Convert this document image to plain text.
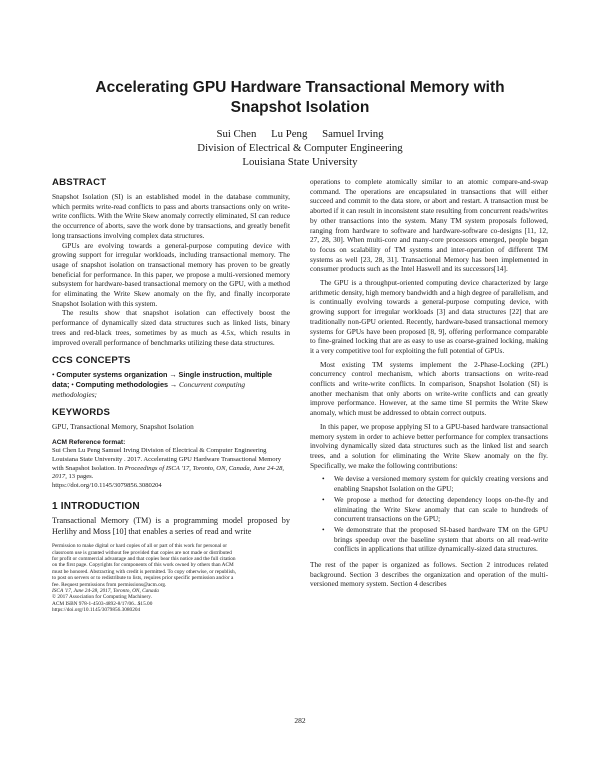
Accelerating GPU Hardware Transactional Memory with
Snapshot Isolation
Sui Chen Lu Peng Samuel Irving
Division of Electrical & Computer Engineering
Louisiana State University
ABSTRACT

Snapshot Isolation (SI) is an established model in the database community, which permits write-read conflicts to pass and aborts transactions only on write-write conflicts. With the Write Skew anomaly correctly eliminated, SI can reduce the occurrence of aborts, save the work done by transactions, and greatly benefit long transactions involving complex data structures.

GPUs are evolving towards a general-purpose computing device with growing support for irregular workloads, including transactional memory. The usage of snapshot isolation on transactional memory has proven to be greatly beneficial for performance. In this paper, we propose a multi-versioned memory subsystem for hardware-based transactional memory on the GPU, with a method for eliminating the Write Skew anomaly on the fly, and finally incorporate Snapshot Isolation with this system.

The results show that snapshot isolation can effectively boost the performance of dynamically sized data structures such as linked lists, binary trees and red-black trees, sometimes by as much as 4.5x, which results in improved overall performance of benchmarks utilizing these data structures.

CCS CONCEPTS
• Computer systems organization → Single instruction, multiple data; • Computing methodologies → Concurrent computing methodologies;
KEYWORDS

GPU, Transactional Memory, Snapshot Isolation

ACM Reference format:
Sui Chen Lu Peng Samuel Irving Division of Electrical & Computer Engineering Louisiana State University . 2017. Accelerating GPU Hardware Transactional Memory with Snapshot Isolation. In Proceedings of ISCA '17, Toronto, ON, Canada, June 24-28, 2017, 13 pages.
https://doi.org/10.1145/3079856.3080204
1 INTRODUCTION
Transactional Memory (TM) is a programming model proposed by Herlihy and Moss [10] that enables a series of read and write
Permission to make digital or hard copies of all or part of this work for personal or
classroom use is granted without fee provided that copies are not made or distributed
for profit or commercial advantage and that copies bear this notice and the full citation
on the first page. Copyrights for components of this work owned by others than ACM
must be honored. Abstracting with credit is permitted. To copy otherwise, or republish,
to post on servers or to redistribute to lists, requires prior specific permission and/or a
fee. Request permissions from permissions@acm.org.
ISCA '17, June 24-28, 2017, Toronto, ON, Canada
© 2017 Association for Computing Machinery.
ACM ISBN 978-1-4503-4892-8/17/06...$15.00
https://doi.org/10.1145/3079856.3080204

operations to complete atomically similar to an atomic compare-and-swap command. The operations are encapsulated in transactions that will either succeed and commit to the data store, or abort and restart. A transaction must be aborted if it can result in inconsistent state resulting from concurrent reads/writes by other transactions into the system. Many TM system proposals followed, ranging from hardware to software and hardware-software co-designs [11, 12, 27, 28, 30]. When multi-core and many-core processors emerged, people began to focus on scalability of TM systems and inter-operation of different TM systems as well [23, 28, 31]. Transactional Memory has been implemented in consumer products such as the Intel Haswell and its successors[14].

The GPU is a throughput-oriented computing device characterized by large arithmetic density, high memory bandwidth and a high degree of parallelism, and is continually evolving towards a general-purpose computing device, with growing support for irregular workloads [3] and data structures [22] that are traditionally non-GPU oriented. Recently, hardware-based transactional memory systems for GPUs have been proposed [8, 9], offering performance comparable to fine-grained locking that are as easy to use as coarse-grained locking, making it a very competitive tool for exploiting the full potential of GPUs.

Most existing TM systems implement the 2-Phase-Locking (2PL) concurrency control mechanism, which aborts transactions on write-read conflicts and write-write conflicts. In comparison, Snapshot Isolation (SI) is another mechanism that only aborts on write-write conflicts and can greatly improve performance. However, at the same time SI permits the Write Skew anomaly, which must be addressed to obtain correct outputs.

In this paper, we propose applying SI to a GPU-based hardware transactional memory system in order to achieve better performance for complex transactions involving dynamically sized data structures such as the linked list and search trees, and a solution for eliminating the Write Skew anomaly on the fly. Specifically, we make the following contributions:

• We devise a versioned memory system for quickly creating versions and enabling Snapshot Isolation on the GPU;
• We propose a method for detecting dependency loops on-the-fly and eliminating the Write Skew anomaly that can scale to hundreds of concurrent transactions on the GPU;
• We demonstrate that the proposed SI-based hardware TM on the GPU brings speedup over the baseline system that aborts on all read-write conflicts in applications that utilize dynamically-sized data structures.

The rest of the paper is organized as follows. Section 2 introduces related background. Section 3 describes the organization and operation of the multi-versioned memory system. Section 4 describes

282
